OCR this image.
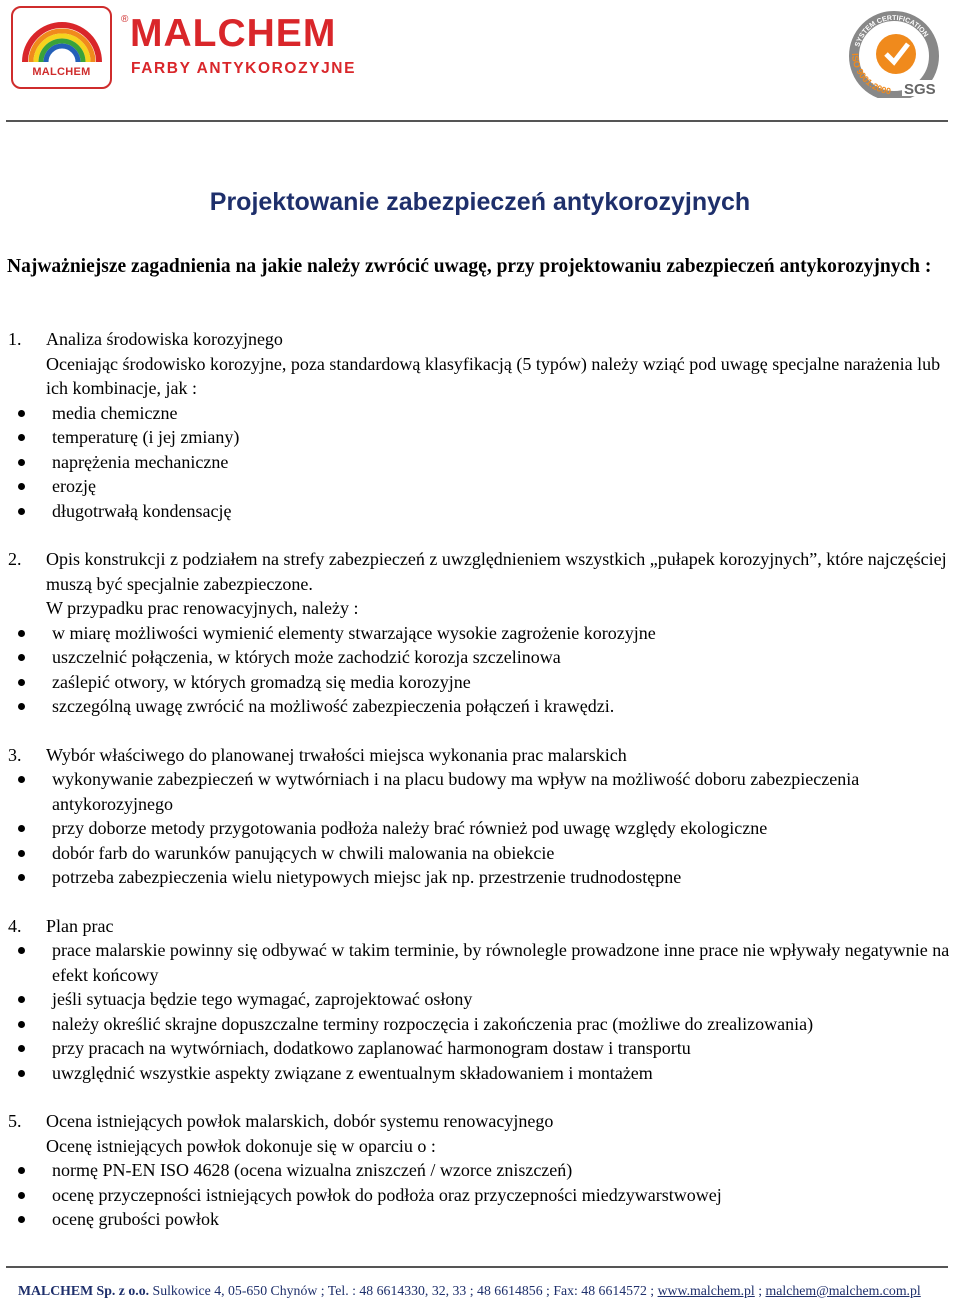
MALCHEM
® MALCHEM
FARBY ANTYKOROZYJNE
SYSTEM CERTIFICATION
ISO 9001:2000 SGS
Projektowanie zabezpieczeń antykorozyjnych
Najważniejsze zagadnienia na jakie należy zwrócić uwagę, przy projektowaniu zabezpieczeń antykorozyjnych :
1. Analiza środowiska korozyjnego
Oceniając środowisko korozyjne, poza standardową klasyfikacją (5 typów) należy wziąć pod uwagę specjalne narażenia lub ich kombinacje, jak :
media chemiczne
temperaturę (i jej zmiany)
naprężenia mechaniczne
erozję
długotrwałą kondensację
2. Opis konstrukcji z podziałem na strefy zabezpieczeń z uwzględnieniem wszystkich „pułapek korozyjnych”, które najczęściej muszą być specjalnie zabezpieczone.
W przypadku prac renowacyjnych, należy :
w miarę możliwości wymienić elementy stwarzające wysokie zagrożenie korozyjne
uszczelnić połączenia, w których może zachodzić korozja szczelinowa
zaślepić otwory, w których gromadzą się media korozyjne
szczególną uwagę zwrócić na możliwość zabezpieczenia połączeń i krawędzi.
3. Wybór właściwego do planowanej trwałości miejsca wykonania prac malarskich
wykonywanie zabezpieczeń w wytwórniach i na placu budowy ma wpływ na możliwość doboru zabezpieczenia antykorozyjnego
przy doborze metody przygotowania podłoża należy brać również pod uwagę względy ekologiczne
dobór farb do warunków panujących w chwili malowania na obiekcie
potrzeba zabezpieczenia wielu nietypowych miejsc jak np. przestrzenie trudnodostępne
4. Plan prac
prace malarskie powinny się odbywać w takim terminie, by równolegle prowadzone inne prace nie wpływały negatywnie na efekt końcowy
jeśli sytuacja będzie tego wymagać, zaprojektować osłony
należy określić skrajne dopuszczalne terminy rozpoczęcia i zakończenia prac (możliwe do zrealizowania)
przy pracach na wytwórniach, dodatkowo zaplanować harmonogram dostaw i transportu
uwzględnić wszystkie aspekty związane z ewentualnym składowaniem i montażem
5. Ocena istniejących powłok malarskich, dobór systemu renowacyjnego
Ocenę istniejących powłok dokonuje się w oparciu o :
normę PN-EN ISO 4628 (ocena wizualna zniszczeń / wzorce zniszczeń)
ocenę przyczepności istniejących powłok do podłoża oraz przyczepności miedzywarstwowej
ocenę grubości powłok
MALCHEM Sp. z o.o. Sulkowice 4, 05-650 Chynów ; Tel. : 48 6614330, 32, 33 ; 48 6614856 ; Fax: 48 6614572 ; www.malchem.pl ; malchem@malchem.com.pl
